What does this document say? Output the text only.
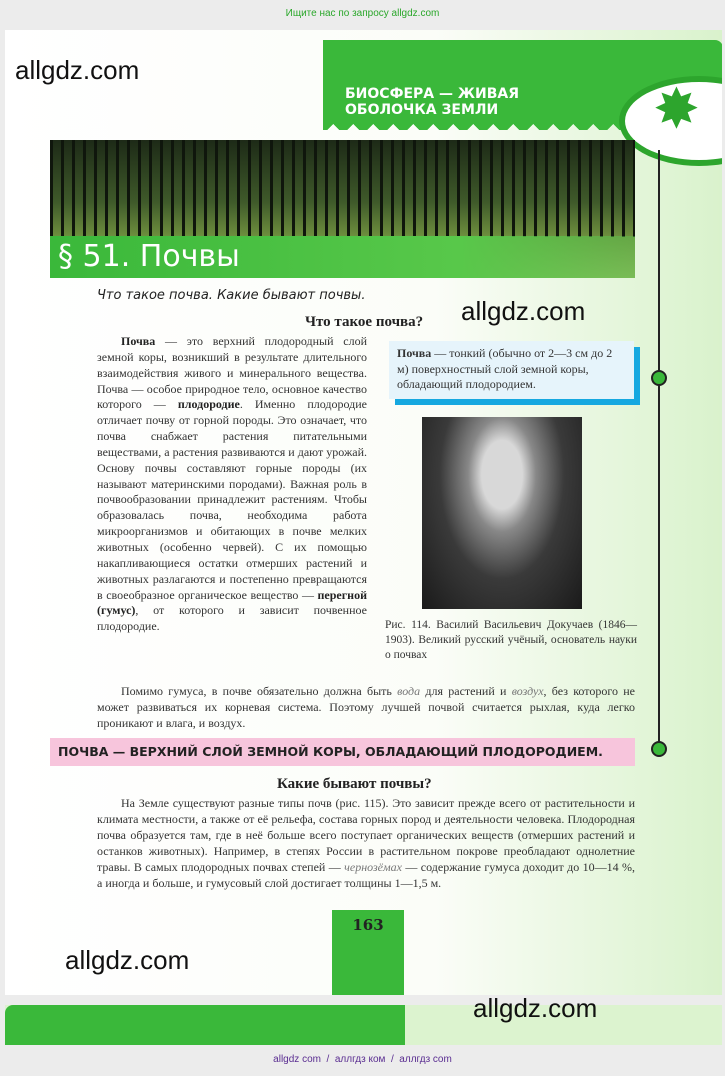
Ищите нас по запросу allgdz.com
БИОСФЕРА — ЖИВАЯ
ОБОЛОЧКА ЗЕМЛИ	✸
§ 51. Почвы
allgdz.com
allgdz.com
allgdz.com
Что такое почва. Какие бывают почвы.
Что такое почва?
  Почва — это верхний плодородный слой земной коры, возникший в результате длительного взаимодействия живого и минерального вещества. Почва — особое природное тело, основное качество которого — плодородие. Именно плодородие отличает почву от горной породы. Это означает, что почва снабжает растения питательными веществами, а растения развиваются и дают урожай. Основу почвы составляют горные породы (их называют материнскими породами). Важная роль в почвообразовании принадлежит растениям. Чтобы образовалась почва, необходима работа микроорганизмов и обитающих в почве мелких животных (особенно червей). С их помощью накапливающиеся остатки отмерших растений и животных разлагаются и постепенно превращаются в своеобразное органическое вещество — перегной (гумус), от которого и зависит почвенное плодородие.
Почва — тонкий (обычно от 2—3 см до 2 м) поверхностный слой земной коры, обладающий плодородием.
Рис. 114. Василий Васильевич Докучаев (1846—1903). Великий русский учёный, основатель науки о почвах
  Помимо гумуса, в почве обязательно должна быть вода для растений и воздух, без которого не может развиваться их корневая система. Поэтому лучшей почвой считается рыхлая, куда легко проникают и влага, и воздух.
ПОЧВА — ВЕРХНИЙ СЛОЙ ЗЕМНОЙ КОРЫ, ОБЛАДАЮЩИЙ ПЛОДОРОДИЕМ.
Какие бывают почвы?
  На Земле существуют разные типы почв (рис. 115). Это зависит прежде всего от растительности и климата местности, а также от её рельефа, состава горных пород и деятельности человека. Плодородная почва образуется там, где в неё больше всего поступает органических веществ (отмерших растений и останков животных). Например, в степях России в растительном покрове преобладают однолетние травы. В самых плодородных почвах степей — чернозёмах — содержание гумуса доходит до 10—14 %, а иногда и больше, и гумусовый слой достигает толщины 1—1,5 м.
163
allgdz.com
allgdz com  /  аллгдз ком  /  аллгдз com
